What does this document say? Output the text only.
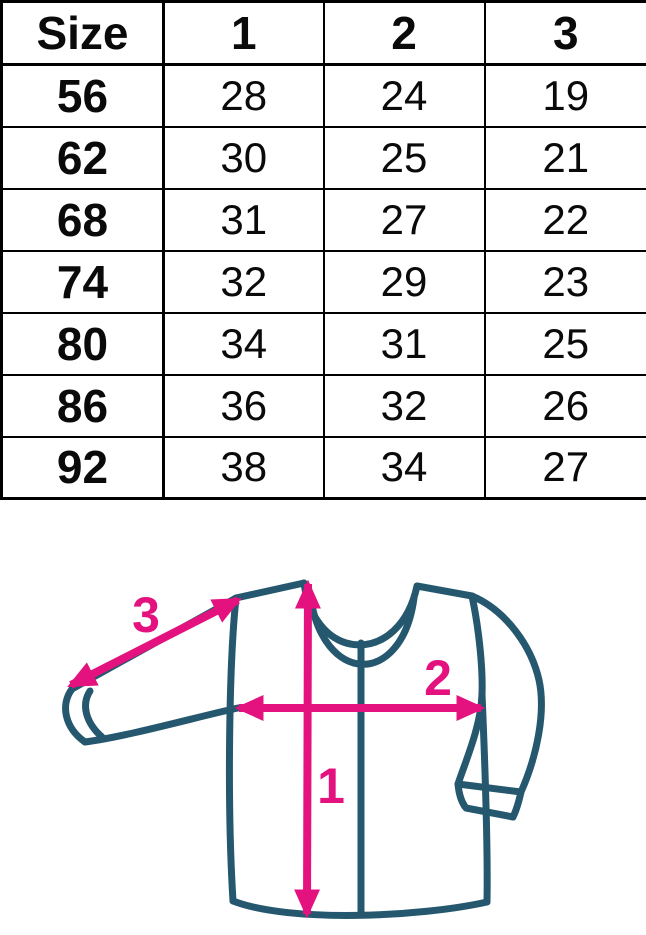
Size	1	2	3
56	28	24	19
62	30	25	21
68	31	27	22
74	32	29	23
80	34	31	25
86	36	32	26
92	38	34	27
1
2
3
